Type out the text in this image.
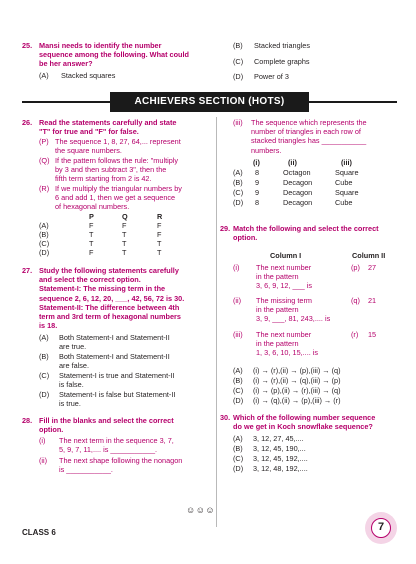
25. Mansi needs to identify the number
sequence among the following. What could
be her answer?
(A) Stacked squares
26. Read the statements carefully and state
"T" for true and "F" for false.
(P) The sequence 1, 8, 27, 64,... represent
the square numbers.
(Q) If the pattern follows the rule: "multiply
by 3 and then subtract 3", then the
fifth term starting from 2 is 42.
(R) If we multiply the triangular numbers by
6 and add 1, then we get a sequence
of hexagonal numbers.
P	Q	R
(A)	F	F	F
(B)	T	T	F
(C)	T	T	T
(D)	F	T	T
27. Study the following statements carefully
and select the correct option.
Statement-I: The missing term in the
sequence 2, 6, 12, 20, ___, 42, 56, 72 is 30.
Statement-II: The difference between 4th
term and 3rd term of hexagonal numbers
is 18.
(A) Both Statement-I and Statement-II
are true.
(B) Both Statement-I and Statement-II
are false.
(C) Statement-I is true and Statement-II
is false.
(D) Statement-I is false but Statement-II
is true.
28. Fill in the blanks and select the correct
option.
(i) The next term in the sequence 3, 7,
5, 9, 7, 11,.... is ___________.
(ii) The next shape following the nonagon
is ___________.
ACHIEVERS SECTION (HOTS)
(B) Stacked triangles
(C) Complete graphs
(D) Power of 3
(iii) The sequence which represents the
number of triangles in each row of
stacked triangles has ___________
numbers.
(i)	(ii)	(iii)
(A) 8	Octagon	Square
(B) 9	Decagon	Cube
(C) 9	Decagon	Square
(D) 8	Decagon	Cube
29. Match the following and select the correct
option.
Column I	Column II
(i) The next number
in the pattern
3, 6, 9, 12, ___ is
(p) 27
(ii) The missing term
in the pattern
3, 9, ___, 81, 243,.... is
(q) 21
(iii) The next number
in the pattern
1, 3, 6, 10, 15,.... is
(r) 15
(A) (i) → (r),(ii) → (p),(iii) → (q)
(B) (i) → (r),(ii) → (q),(iii) → (p)
(C) (i) → (p),(ii) → (r),(iii) → (q)
(D) (i) → (q),(ii) → (p),(iii) → (r)
30. Which of the following number sequence
do we get in Koch snowflake sequence?
(A) 3, 12, 27, 45,....
(B) 3, 12, 45, 190,...
(C) 3, 12, 45, 192,....
(D) 3, 12, 48, 192,....
☺☺☺
CLASS 6	7
